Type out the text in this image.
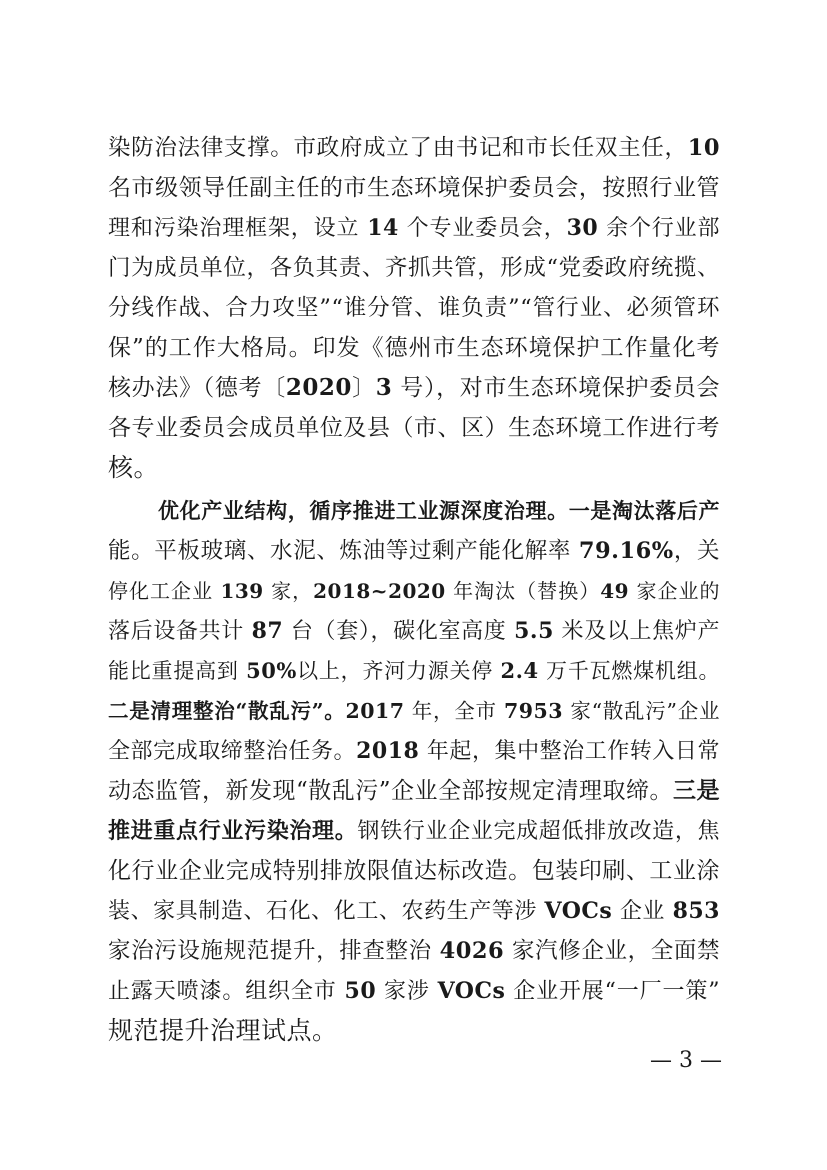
染防治法律支撑。市政府成立了由书记和市长任双主任，10
名市级领导任副主任的市生态环境保护委员会，按照行业管
理和污染治理框架，设立 14 个专业委员会，30 余个行业部
门为成员单位，各负其责、齐抓共管，形成“党委政府统揽、
分线作战、合力攻坚”“谁分管、谁负责”“管行业、必须管环
保”的工作大格局。印发《德州市生态环境保护工作量化考
核办法》（德考〔2020〕3 号），对市生态环境保护委员会
各专业委员会成员单位及县（市、区）生态环境工作进行考
核。
优化产业结构，循序推进工业源深度治理。一是淘汰落后产
能。平板玻璃、水泥、炼油等过剩产能化解率 79.16%，关
停化工企业 139 家，2018~2020 年淘汰（替换）49 家企业的
落后设备共计 87 台（套），碳化室高度 5.5 米及以上焦炉产
能比重提高到 50%以上，齐河力源关停 2.4 万千瓦燃煤机组。
二是清理整治“散乱污”。2017 年，全市 7953 家“散乱污”企业
全部完成取缔整治任务。2018 年起，集中整治工作转入日常
动态监管，新发现“散乱污”企业全部按规定清理取缔。三是
推进重点行业污染治理。钢铁行业企业完成超低排放改造，焦
化行业企业完成特别排放限值达标改造。包装印刷、工业涂
装、家具制造、石化、化工、农药生产等涉 VOCs 企业 853
家治污设施规范提升，排查整治 4026 家汽修企业，全面禁
止露天喷漆。组织全市 50 家涉 VOCs 企业开展“一厂一策”
规范提升治理试点。
— 3 —
